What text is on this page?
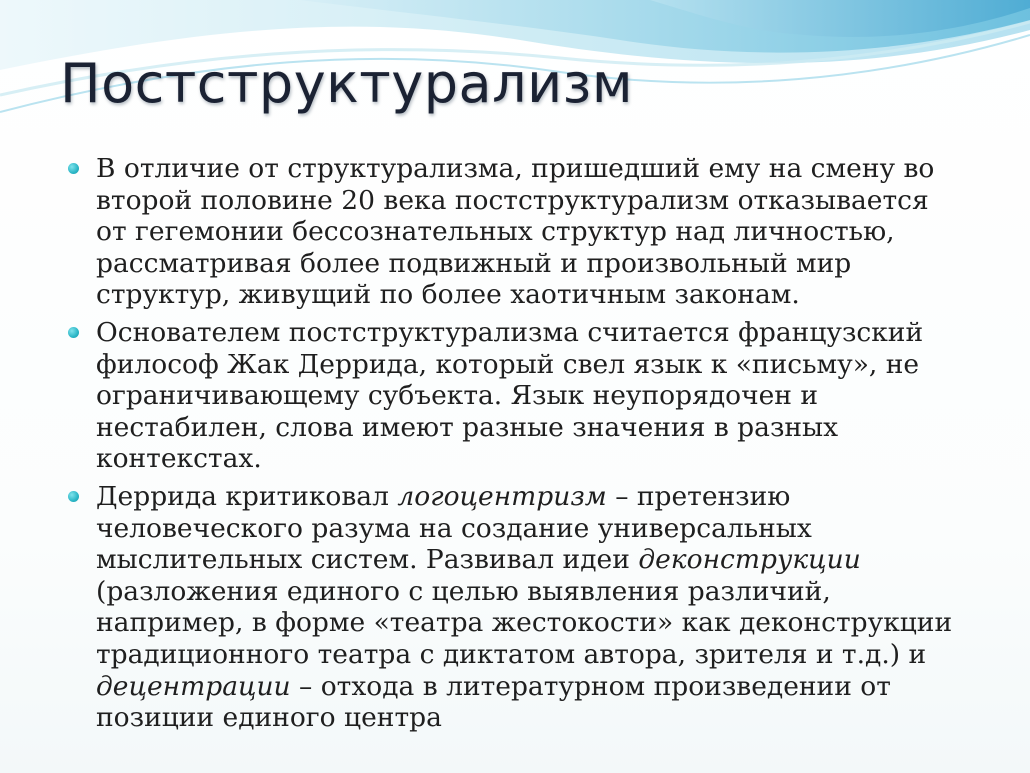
Постструктурализм
В отличие от структурализма, пришедший ему на смену во
второй половине 20 века постструктурализм отказывается
от гегемонии бессознательных структур над личностью,
рассматривая более подвижный и произвольный мир
структур, живущий по более хаотичным законам.
Основателем постструктурализма считается французский
философ Жак Деррида, который свел язык к «письму», не
ограничивающему субъекта. Язык неупорядочен и
нестабилен, слова имеют разные значения в разных
контекстах.
Деррида критиковал логоцентризм – претензию
человеческого разума на создание универсальных
мыслительных систем. Развивал идеи деконструкции
(разложения единого с целью выявления различий,
например, в форме «театра жестокости» как деконструкции
традиционного театра с диктатом автора, зрителя и т.д.) и
децентрации – отхода в литературном произведении от
позиции единого центра
